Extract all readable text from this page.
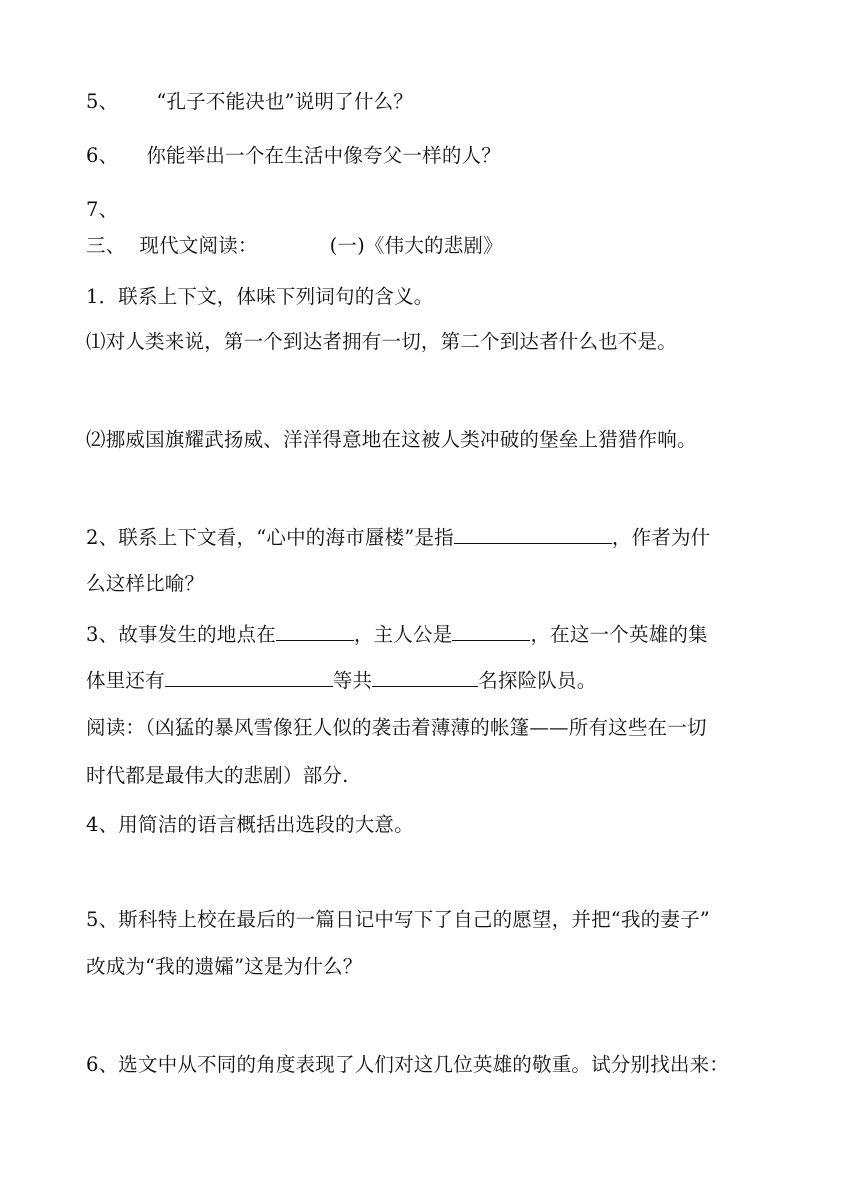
5、 “孔子不能决也”说明了什么？
6、 你能举出一个在生活中像夸父一样的人？
7、
三、 现代文阅读：	(一)《伟大的悲剧》
1．联系上下文，体味下列词句的含义。
⑴对人类来说，第一个到达者拥有一切，第二个到达者什么也不是。
⑵挪威国旗耀武扬威、洋洋得意地在这被人类冲破的堡垒上猎猎作响。
2、联系上下文看，“心中的海市蜃楼”是指	，作者为什
么这样比喻？
3、故事发生的地点在	，主人公是	，在这一个英雄的集
体里还有	等共	名探险队员。
阅读：（凶猛的暴风雪像狂人似的袭击着薄薄的帐篷——所有这些在一切
时代都是最伟大的悲剧）部分.
4、用简洁的语言概括出选段的大意。
5、斯科特上校在最后的一篇日记中写下了自己的愿望，并把“我的妻子”
改成为“我的遗孀”这是为什么？
6、选文中从不同的角度表现了人们对这几位英雄的敬重。试分别找出来：
